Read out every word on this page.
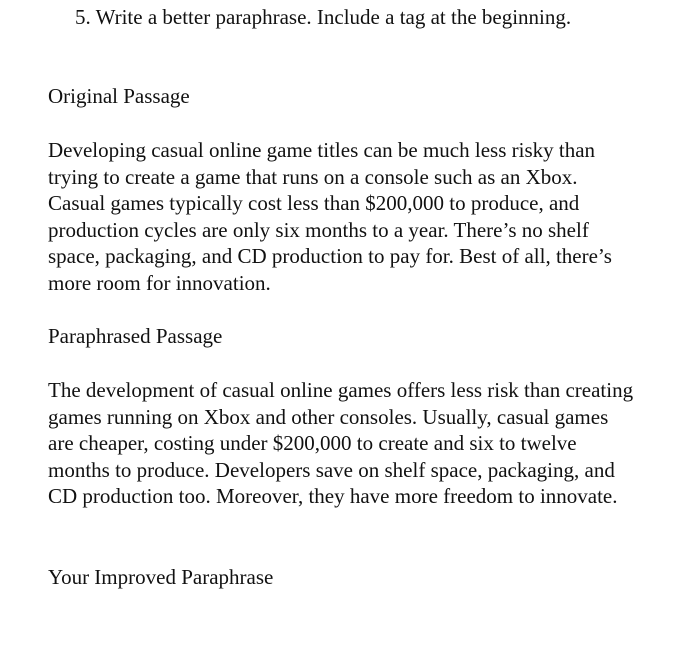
5. Write a better paraphrase. Include a tag at the beginning.

Original Passage

Developing casual online game titles can be much less risky than trying to create a game that runs on a console such as an Xbox. Casual games typically cost less than $200,000 to produce, and production cycles are only six months to a year. There’s no shelf space, packaging, and CD production to pay for. Best of all, there’s more room for innovation.

Paraphrased Passage

The development of casual online games offers less risk than creating games running on Xbox and other consoles. Usually, casual games are cheaper, costing under $200,000 to create and six to twelve months to produce. Developers save on shelf space, packaging, and CD production too. Moreover, they have more freedom to innovate.

Your Improved Paraphrase
